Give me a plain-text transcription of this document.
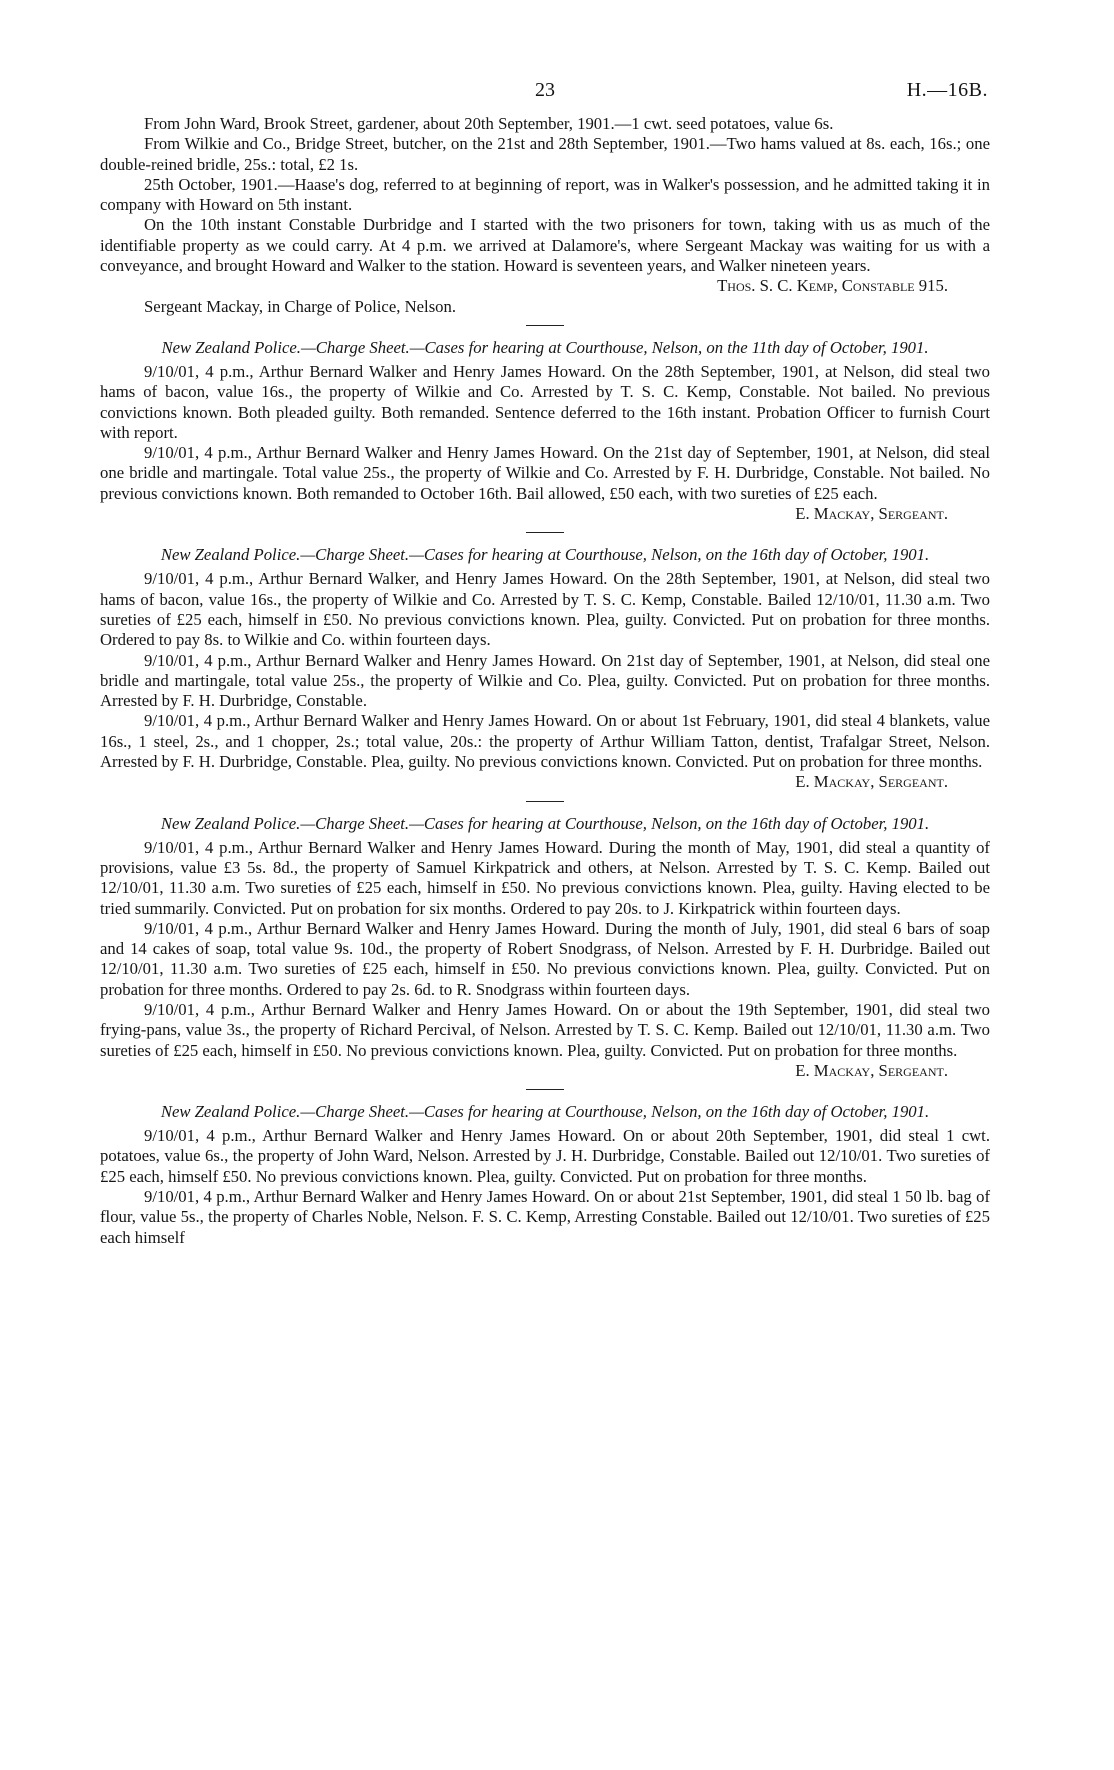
23	H.—16B.

From John Ward, Brook Street, gardener, about 20th September, 1901.—1 cwt. seed potatoes, value 6s.

From Wilkie and Co., Bridge Street, butcher, on the 21st and 28th September, 1901.—Two hams valued at 8s. each, 16s.; one double-reined bridle, 25s.: total, £2 1s.

25th October, 1901.—Haase's dog, referred to at beginning of report, was in Walker's possession, and he admitted taking it in company with Howard on 5th instant.

On the 10th instant Constable Durbridge and I started with the two prisoners for town, taking with us as much of the identifiable property as we could carry. At 4 p.m. we arrived at Dalamore's, where Sergeant Mackay was waiting for us with a conveyance, and brought Howard and Walker to the station. Howard is seventeen years, and Walker nineteen years.

Thos. S. C. Kemp, Constable 915.
Sergeant Mackay, in Charge of Police, Nelson.
New Zealand Police.—Charge Sheet.—Cases for hearing at Courthouse, Nelson, on the 11th day of October, 1901.

9/10/01, 4 p.m., Arthur Bernard Walker and Henry James Howard. On the 28th September, 1901, at Nelson, did steal two hams of bacon, value 16s., the property of Wilkie and Co. Arrested by T. S. C. Kemp, Constable. Not bailed. No previous convictions known. Both pleaded guilty. Both remanded. Sentence deferred to the 16th instant. Probation Officer to furnish Court with report.

9/10/01, 4 p.m., Arthur Bernard Walker and Henry James Howard. On the 21st day of September, 1901, at Nelson, did steal one bridle and martingale. Total value 25s., the property of Wilkie and Co. Arrested by F. H. Durbridge, Constable. Not bailed. No previous convictions known. Both remanded to October 16th. Bail allowed, £50 each, with two sureties of £25 each.

E. Mackay, Sergeant.
New Zealand Police.—Charge Sheet.—Cases for hearing at Courthouse, Nelson, on the 16th day of October, 1901.

9/10/01, 4 p.m., Arthur Bernard Walker, and Henry James Howard. On the 28th September, 1901, at Nelson, did steal two hams of bacon, value 16s., the property of Wilkie and Co. Arrested by T. S. C. Kemp, Constable. Bailed 12/10/01, 11.30 a.m. Two sureties of £25 each, himself in £50. No previous convictions known. Plea, guilty. Convicted. Put on probation for three months. Ordered to pay 8s. to Wilkie and Co. within fourteen days.

9/10/01, 4 p.m., Arthur Bernard Walker and Henry James Howard. On 21st day of September, 1901, at Nelson, did steal one bridle and martingale, total value 25s., the property of Wilkie and Co. Plea, guilty. Convicted. Put on probation for three months. Arrested by F. H. Durbridge, Constable.

9/10/01, 4 p.m., Arthur Bernard Walker and Henry James Howard. On or about 1st February, 1901, did steal 4 blankets, value 16s., 1 steel, 2s., and 1 chopper, 2s.; total value, 20s.: the property of Arthur William Tatton, dentist, Trafalgar Street, Nelson. Arrested by F. H. Durbridge, Constable. Plea, guilty. No previous convictions known. Convicted. Put on probation for three months.
E. Mackay, Sergeant.

New Zealand Police.—Charge Sheet.—Cases for hearing at Courthouse, Nelson, on the 16th day of October, 1901.

9/10/01, 4 p.m., Arthur Bernard Walker and Henry James Howard. During the month of May, 1901, did steal a quantity of provisions, value £3 5s. 8d., the property of Samuel Kirkpatrick and others, at Nelson. Arrested by T. S. C. Kemp. Bailed out 12/10/01, 11.30 a.m. Two sureties of £25 each, himself in £50. No previous convictions known. Plea, guilty. Having elected to be tried summarily. Convicted. Put on probation for six months. Ordered to pay 20s. to J. Kirkpatrick within fourteen days.

9/10/01, 4 p.m., Arthur Bernard Walker and Henry James Howard. During the month of July, 1901, did steal 6 bars of soap and 14 cakes of soap, total value 9s. 10d., the property of Robert Snodgrass, of Nelson. Arrested by F. H. Durbridge. Bailed out 12/10/01, 11.30 a.m. Two sureties of £25 each, himself in £50. No previous convictions known. Plea, guilty. Convicted. Put on probation for three months. Ordered to pay 2s. 6d. to R. Snodgrass within fourteen days.

9/10/01, 4 p.m., Arthur Bernard Walker and Henry James Howard. On or about the 19th September, 1901, did steal two frying-pans, value 3s., the property of Richard Percival, of Nelson. Arrested by T. S. C. Kemp. Bailed out 12/10/01, 11.30 a.m. Two sureties of £25 each, himself in £50. No previous convictions known. Plea, guilty. Convicted. Put on probation for three months.
E. Mackay, Sergeant.

New Zealand Police.—Charge Sheet.—Cases for hearing at Courthouse, Nelson, on the 16th day of October, 1901.

9/10/01, 4 p.m., Arthur Bernard Walker and Henry James Howard. On or about 20th September, 1901, did steal 1 cwt. potatoes, value 6s., the property of John Ward, Nelson. Arrested by J. H. Durbridge, Constable. Bailed out 12/10/01. Two sureties of £25 each, himself £50. No previous convictions known. Plea, guilty. Convicted. Put on probation for three months.

9/10/01, 4 p.m., Arthur Bernard Walker and Henry James Howard. On or about 21st September, 1901, did steal 1 50 lb. bag of flour, value 5s., the property of Charles Noble, Nelson. F. S. C. Kemp, Arresting Constable. Bailed out 12/10/01. Two sureties of £25 each himself
